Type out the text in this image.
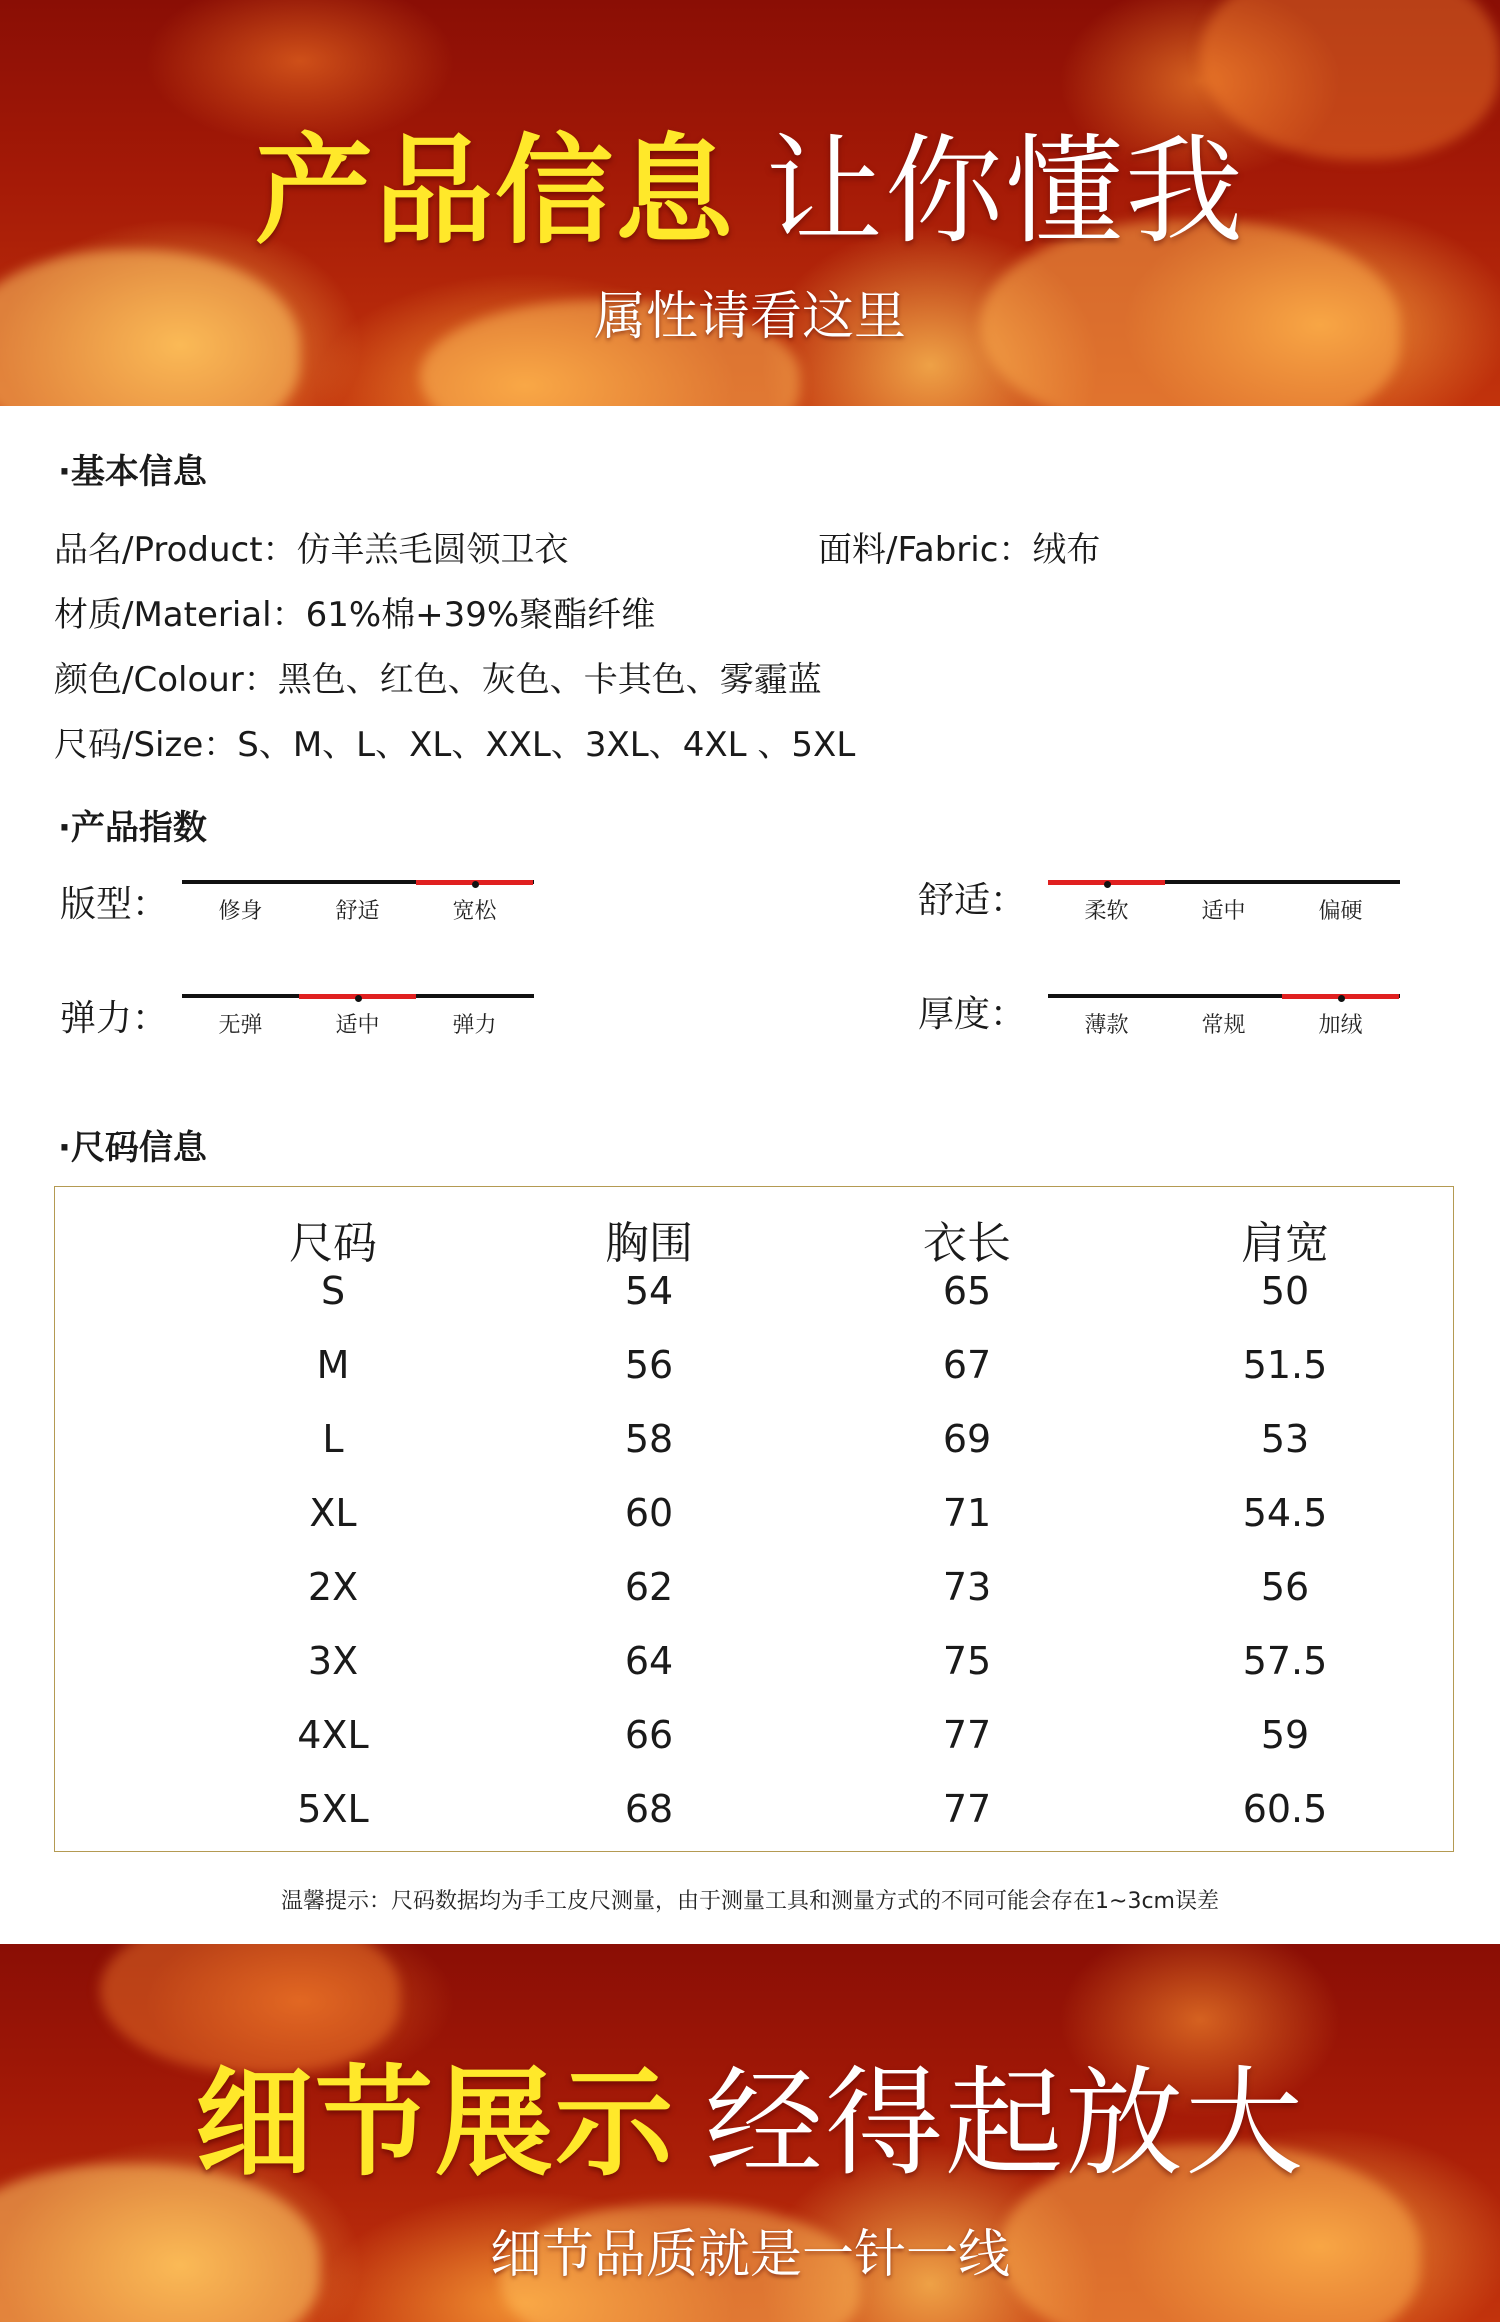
产品信息 让你懂我
属性请看这里
·基本信息
品名/Product：仿羊羔毛圆领卫衣	面料/Fabric：绒布
材质/Material：61%棉+39%聚酯纤维
颜色/Colour：黑色、红色、灰色、卡其色、雾霾蓝
尺码/Size：S、M、L、XL、XXL、3XL、4XL 、5XL
·产品指数
版型：	修身	舒适	宽松	舒适：	柔软	适中	偏硬
弹力：	无弹	适中	弹力	厚度：	薄款	常规	加绒
·尺码信息
尺码	胸围	衣长	肩宽
S	54	65	50
M	56	67	51.5
L	58	69	53
XL	60	71	54.5
2X	62	73	56
3X	64	75	57.5
4XL	66	77	59
5XL	68	77	60.5
温馨提示：尺码数据均为手工皮尺测量，由于测量工具和测量方式的不同可能会存在1~3cm误差
细节展示 经得起放大
细节品质就是一针一线
